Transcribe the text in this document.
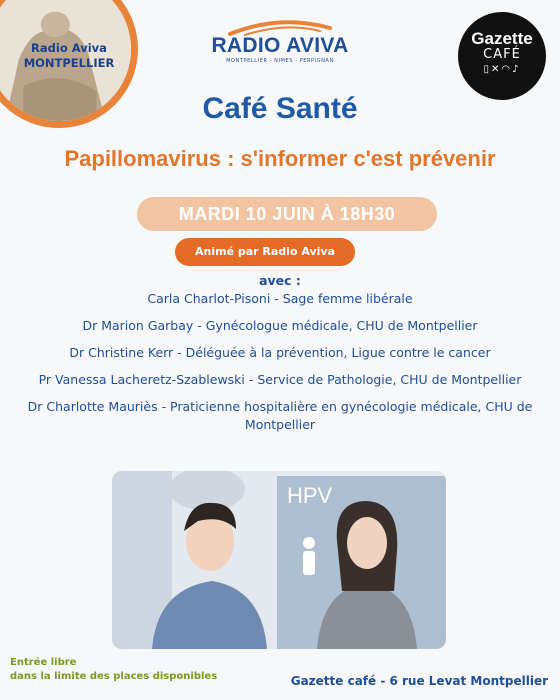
Radio Aviva
MONTPELLIER
RADIO AVIVA
MONTPELLIER · NIMES · PERPIGNAN
Gazette
CAFÉ
▯✕◠♪
Café Santé
Papillomavirus : s'informer c'est prévenir
MARDI 10 JUIN À 18H30
Animé par Radio Aviva
avec :
Carla Charlot-Pisoni - Sage femme libérale
Dr Marion Garbay - Gynécologue médicale, CHU de Montpellier
Dr Christine Kerr - Déléguée à la prévention, Ligue contre le cancer
Pr Vanessa Lacheretz-Szablewski - Service de Pathologie, CHU de Montpellier
Dr Charlotte Mauriès - Praticienne hospitalière en gynécologie médicale, CHU de Montpellier
HPV
Entrée libre
dans la limite des places disponibles	Gazette café - 6 rue Levat Montpellier
